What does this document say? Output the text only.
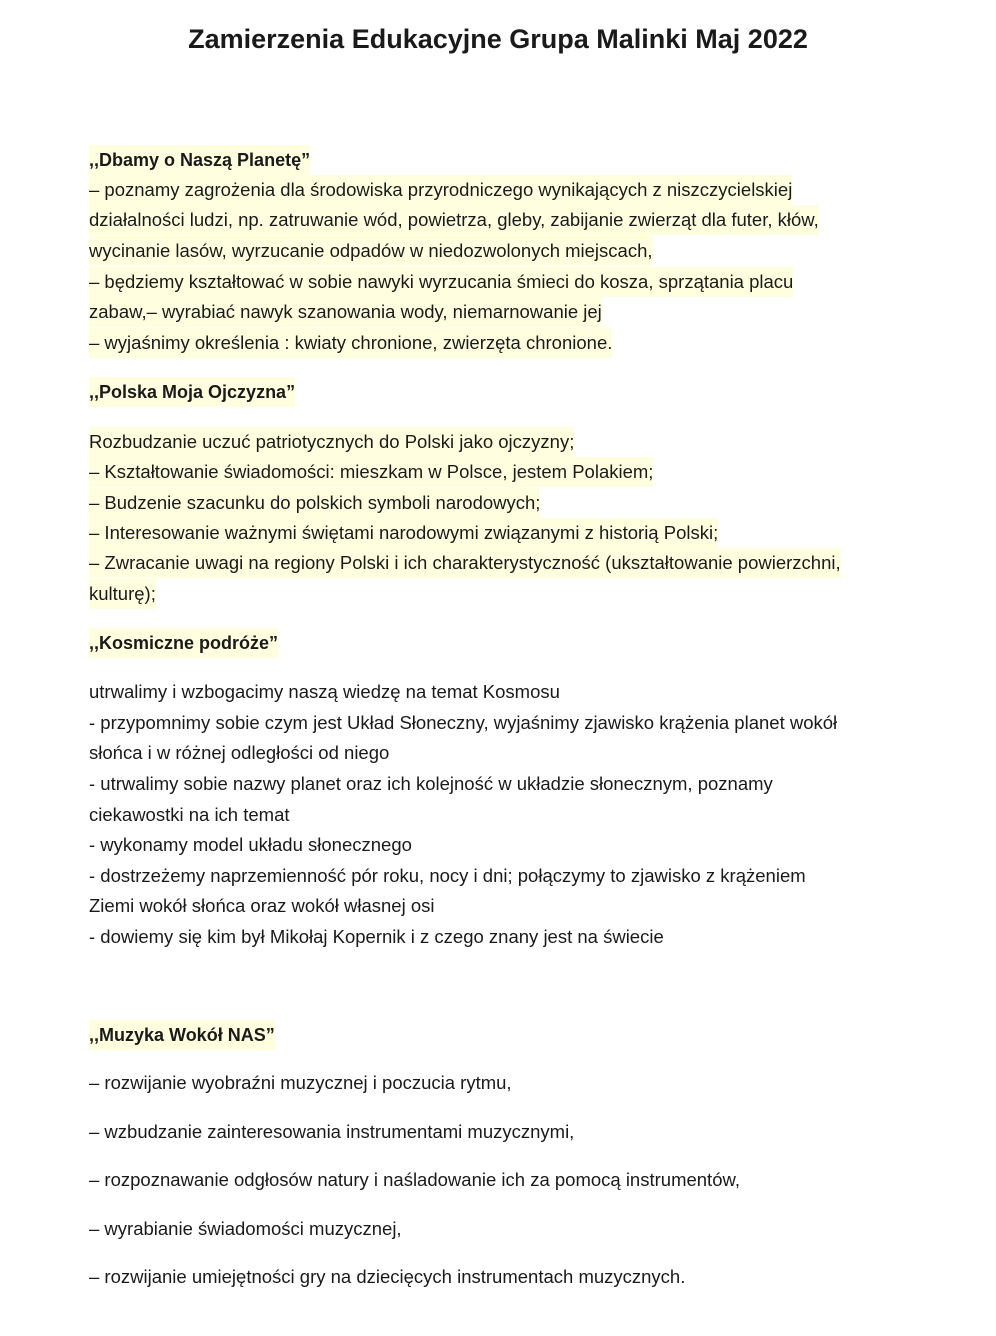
Zamierzenia Edukacyjne Grupa Malinki Maj 2022
,,Dbamy o Naszą Planetę”
– poznamy zagrożenia dla środowiska przyrodniczego wynikających z niszczycielskiej
działalności ludzi, np. zatruwanie wód, powietrza, gleby, zabijanie zwierząt dla futer, kłów,
wycinanie lasów, wyrzucanie odpadów w niedozwolonych miejscach,
– będziemy kształtować w sobie nawyki wyrzucania śmieci do kosza, sprzątania placu
zabaw,– wyrabiać nawyk szanowania wody, niemarnowanie jej
– wyjaśnimy określenia : kwiaty chronione, zwierzęta chronione.
,,Polska Moja Ojczyzna”
Rozbudzanie uczuć patriotycznych do Polski jako ojczyzny;
– Kształtowanie świadomości: mieszkam w Polsce, jestem Polakiem;
– Budzenie szacunku do polskich symboli narodowych;
– Interesowanie ważnymi świętami narodowymi związanymi z historią Polski;
– Zwracanie uwagi na regiony Polski i ich charakterystyczność (ukształtowanie powierzchni,
kulturę);
,,Kosmiczne podróże”
utrwalimy i wzbogacimy naszą wiedzę na temat Kosmosu
- przypomnimy sobie czym jest Układ Słoneczny, wyjaśnimy zjawisko krążenia planet wokół
słońca i w różnej odległości od niego
- utrwalimy sobie nazwy planet oraz ich kolejność w układzie słonecznym, poznamy
ciekawostki na ich temat
- wykonamy model układu słonecznego
- dostrzeżemy naprzemienność pór roku, nocy i dni; połączymy to zjawisko z krążeniem
Ziemi wokół słońca oraz wokół własnej osi
- dowiemy się kim był Mikołaj Kopernik i z czego znany jest na świecie
,,Muzyka Wokół NAS”
– rozwijanie wyobraźni muzycznej i poczucia rytmu,
– wzbudzanie zainteresowania instrumentami muzycznymi,
– rozpoznawanie odgłosów natury i naśladowanie ich za pomocą instrumentów,
– wyrabianie świadomości muzycznej,
– rozwijanie umiejętności gry na dziecięcych instrumentach muzycznych.
